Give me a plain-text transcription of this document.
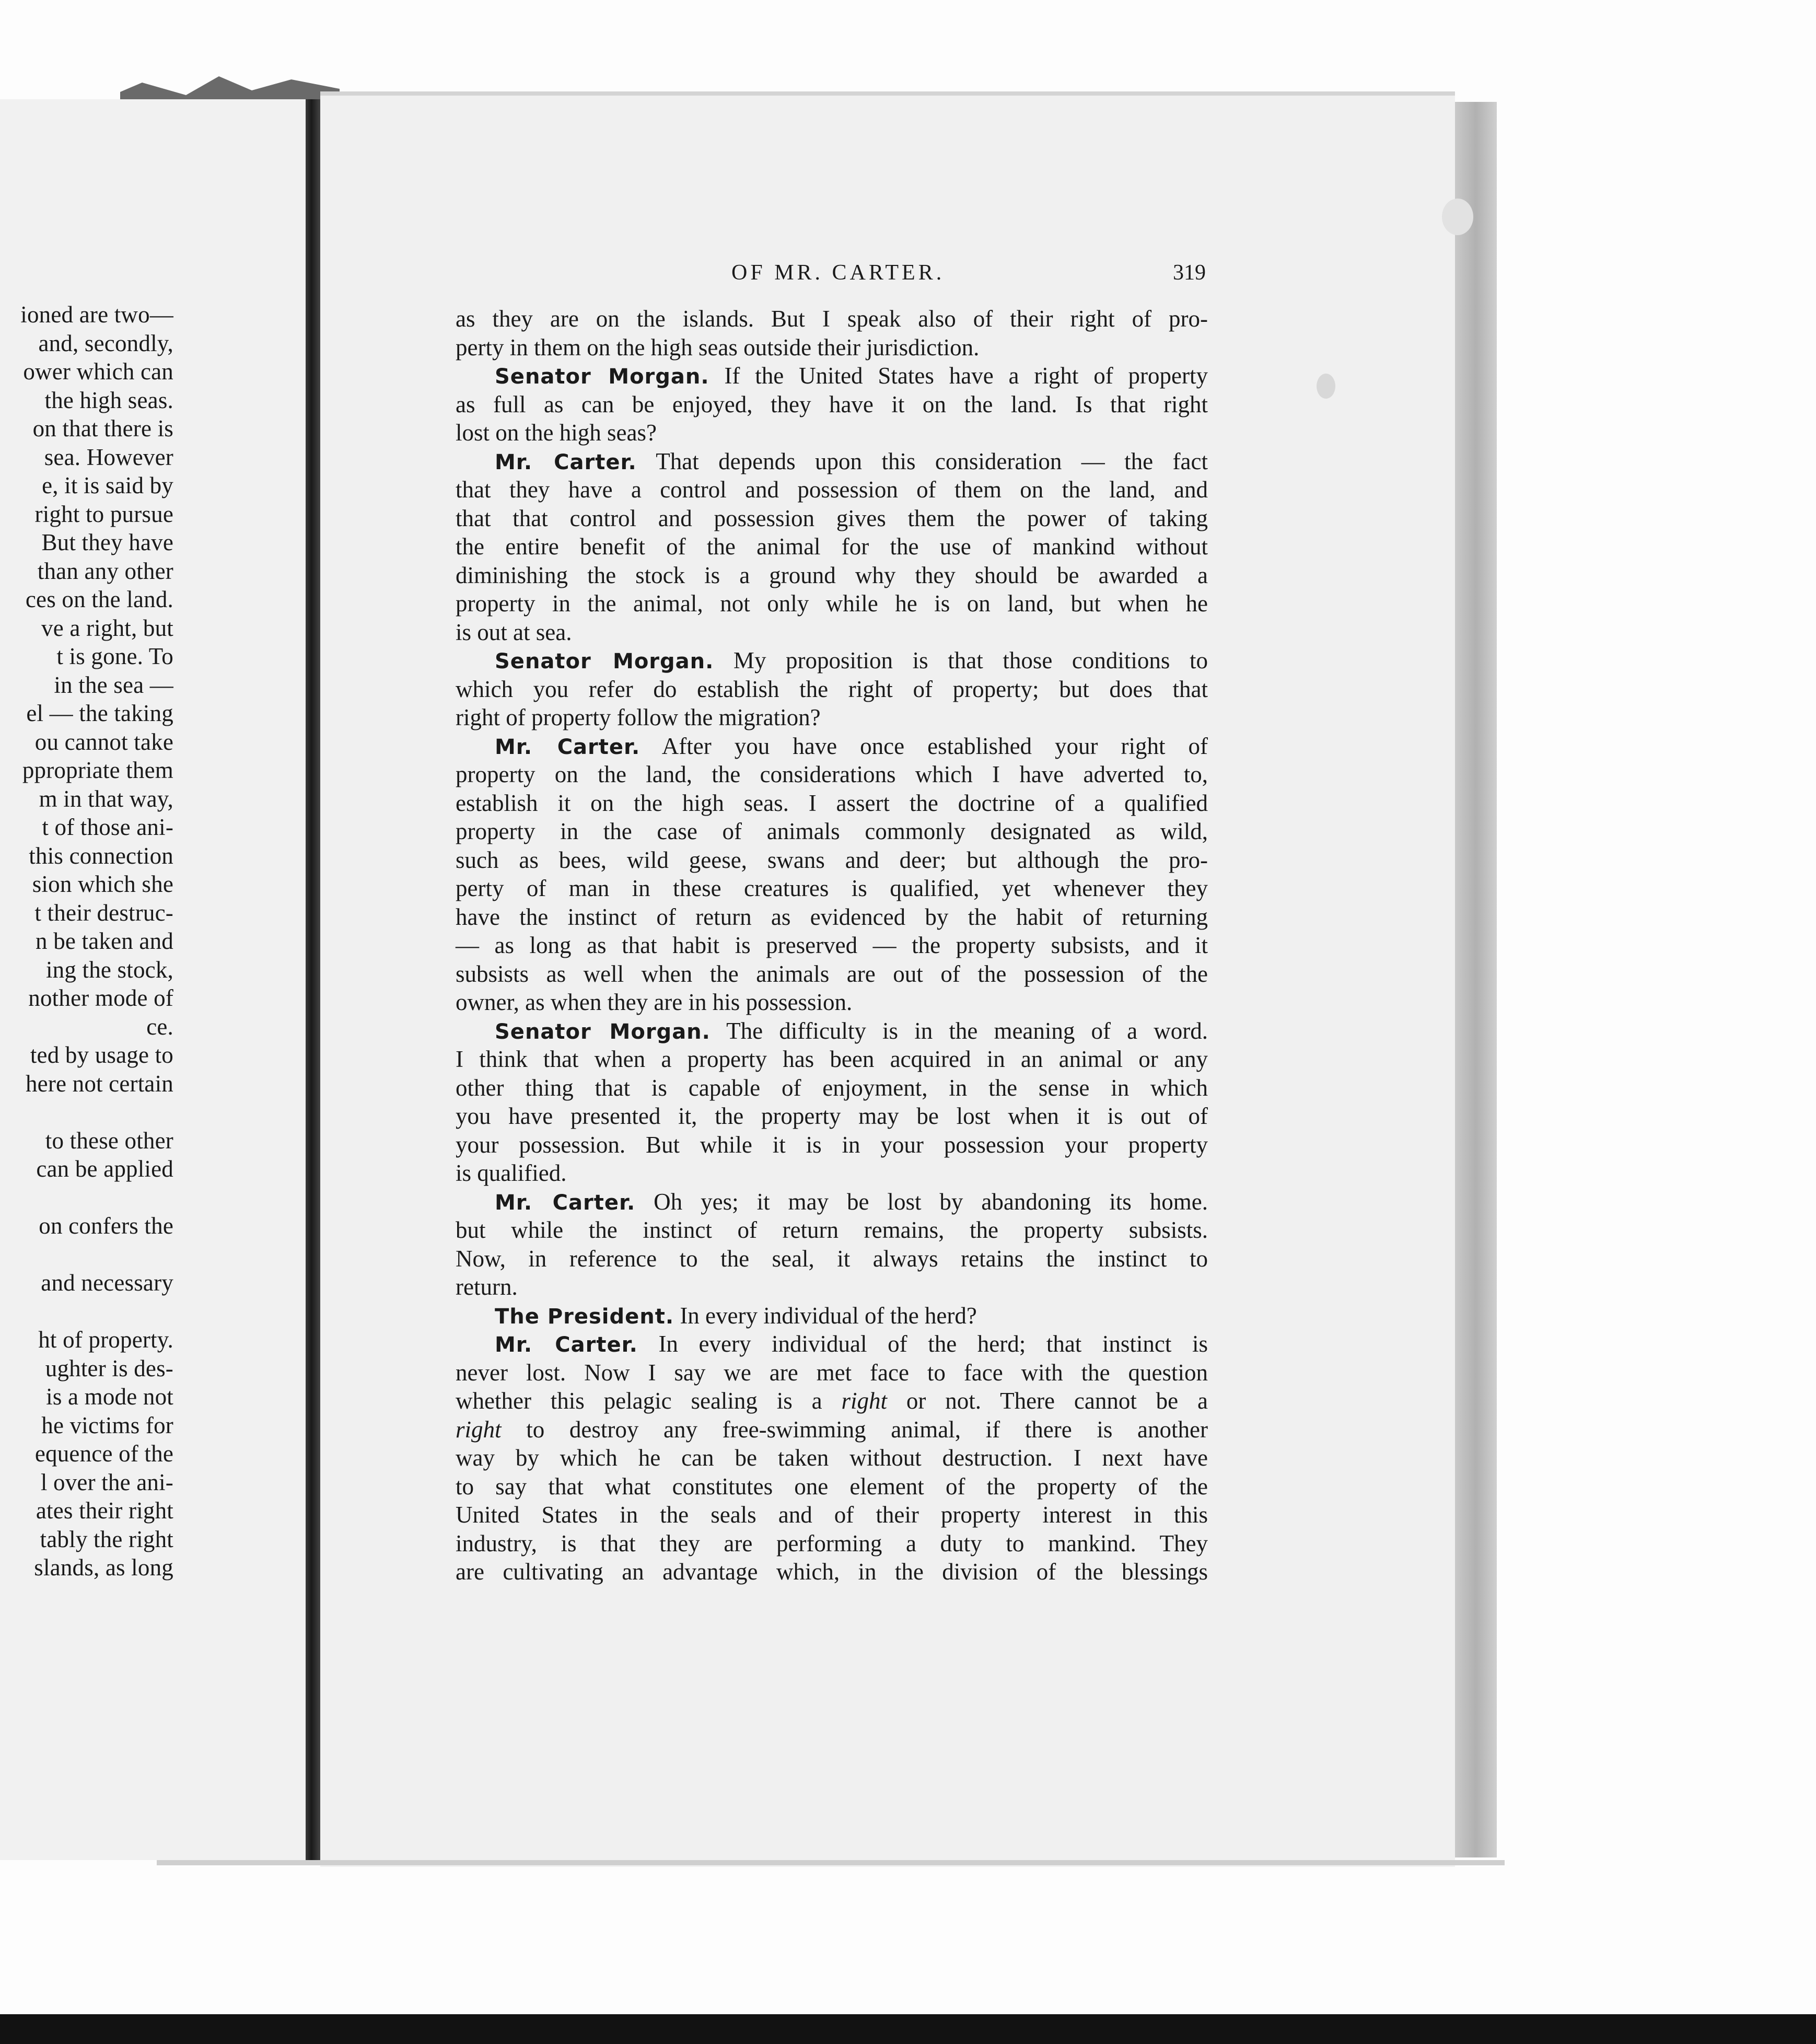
ioned are two—
and, secondly,
ower which can
the high seas.
on that there is
sea. However
e, it is said by
right to pursue
But they have
than any other
ces on the land.
ve a right, but
t is gone. To
in the sea —
el — the taking
ou cannot take
ppropriate them
m in that way,
t of those ani-
this connection
sion which she
t their destruc-
n be taken and
ing the stock,
nother mode of
ce.
ted by usage to
here not certain
to these other
can be applied
on confers the
and necessary
ht of property.
ughter is des-
is a mode not
he victims for
equence of the
l over the ani-
ates their right
tably the right
slands, as long
OF MR. CARTER.	319
as they are on the islands. But I speak also of their right of pro-
perty in them on the high seas outside their jurisdiction.
Senator Morgan. If the United States have a right of property
as full as can be enjoyed, they have it on the land. Is that right
lost on the high seas?
Mr. Carter. That depends upon this consideration — the fact
that they have a control and possession of them on the land, and
that that control and possession gives them the power of taking
the entire benefit of the animal for the use of mankind without
diminishing the stock is a ground why they should be awarded a
property in the animal, not only while he is on land, but when he
is out at sea.
Senator Morgan. My proposition is that those conditions to
which you refer do establish the right of property; but does that
right of property follow the migration?
Mr. Carter. After you have once established your right of
property on the land, the considerations which I have adverted to,
establish it on the high seas. I assert the doctrine of a qualified
property in the case of animals commonly designated as wild,
such as bees, wild geese, swans and deer; but although the pro-
perty of man in these creatures is qualified, yet whenever they
have the instinct of return as evidenced by the habit of returning
— as long as that habit is preserved — the property subsists, and it
subsists as well when the animals are out of the possession of the
owner, as when they are in his possession.
Senator Morgan. The difficulty is in the meaning of a word.
I think that when a property has been acquired in an animal or any
other thing that is capable of enjoyment, in the sense in which
you have presented it, the property may be lost when it is out of
your possession. But while it is in your possession your property
is qualified.
Mr. Carter. Oh yes; it may be lost by abandoning its home.
but while the instinct of return remains, the property subsists.
Now, in reference to the seal, it always retains the instinct to
return.
The President. In every individual of the herd?
Mr. Carter. In every individual of the herd; that instinct is
never lost. Now I say we are met face to face with the question
whether this pelagic sealing is a right or not. There cannot be a
right to destroy any free-swimming animal, if there is another
way by which he can be taken without destruction. I next have
to say that what constitutes one element of the property of the
United States in the seals and of their property interest in this
industry, is that they are performing a duty to mankind. They
are cultivating an advantage which, in the division of the blessings
